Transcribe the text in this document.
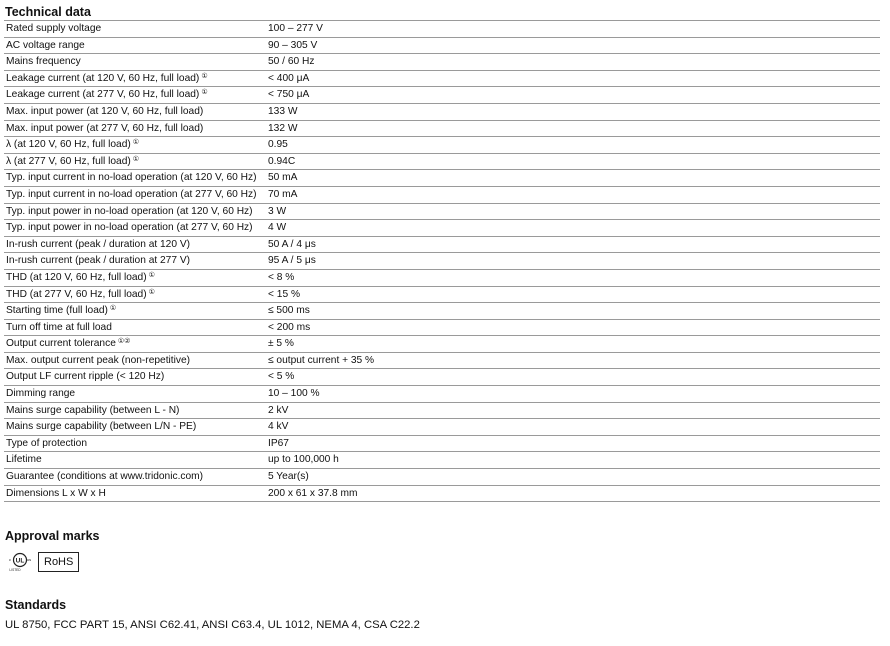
Technical data
Rated supply voltage	100 – 277 V
AC voltage range	90 – 305 V
Mains frequency	50 / 60 Hz
Leakage current (at 120 V, 60 Hz, full load) ①	< 400 μA
Leakage current (at 277 V, 60 Hz, full load) ①	< 750 μA
Max. input power (at 120 V, 60 Hz, full load)	133 W
Max. input power (at 277 V, 60 Hz, full load)	132 W
λ (at 120 V, 60 Hz, full load) ①	0.95
λ (at 277 V, 60 Hz, full load) ①	0.94C
Typ. input current in no-load operation (at 120 V, 60 Hz)	50 mA
Typ. input current in no-load operation (at 277 V, 60 Hz)	70 mA
Typ. input power in no-load operation (at 120 V, 60 Hz)	3 W
Typ. input power in no-load operation (at 277 V, 60 Hz)	4 W
In-rush current (peak / duration at 120 V)	50 A / 4 μs
In-rush current (peak / duration at 277 V)	95 A / 5 μs
THD (at 120 V, 60 Hz, full load) ①	< 8 %
THD (at 277 V, 60 Hz, full load) ①	< 15 %
Starting time (full load) ①	≤ 500 ms
Turn off time at full load	< 200 ms
Output current tolerance ①②	± 5 %
Max. output current peak (non-repetitive)	≤ output current + 35 %
Output LF current ripple (< 120 Hz)	< 5 %
Dimming range	10 – 100 %
Mains surge capability (between L - N)	2 kV
Mains surge capability (between L/N - PE)	4 kV
Type of protection	IP67
Lifetime	up to 100,000 h
Guarantee (conditions at www.tridonic.com)	5 Year(s)
Dimensions L x W x H	200 x 61 x 37.8 mm
Approval marks
UL
c	us
LISTED
RoHS
Standards

UL 8750, FCC PART 15, ANSI C62.41, ANSI C63.4, UL 1012, NEMA 4, CSA C22.2
